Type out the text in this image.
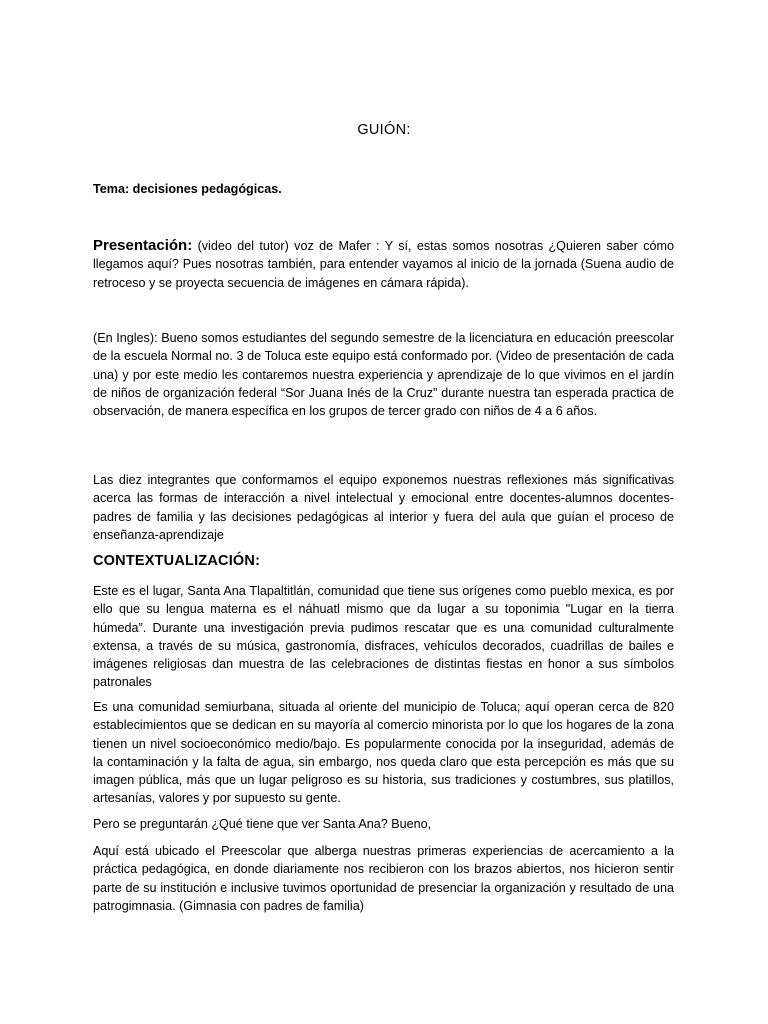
GUIÓN:
Tema: decisiones pedagógicas.
Presentación: (video del tutor) voz de Mafer : Y sí, estas somos nosotras ¿Quieren saber cómo llegamos aquí? Pues nosotras también, para entender vayamos al inicio de la jornada (Suena audio de retroceso y se proyecta secuencia de imágenes en cámara rápida).
(En Ingles): Bueno somos estudiantes del segundo semestre de la licenciatura en educación preescolar de la escuela Normal no. 3 de Toluca este equipo está conformado por. (Video de presentación de cada una) y por este medio les contaremos nuestra experiencia y aprendizaje de lo que vivimos en el jardín de niños de organización federal “Sor Juana Inés de la Cruz” durante nuestra tan esperada practica de observación, de manera específica en los grupos de tercer grado con niños de 4 a 6 años.
Las diez integrantes que conformamos el equipo exponemos nuestras reflexiones más significativas acerca las formas de interacción a nivel intelectual y emocional entre docentes-alumnos docentes-padres de familia y las decisiones pedagógicas al interior y fuera del aula que guían el proceso de enseñanza-aprendizaje
CONTEXTUALIZACIÓN:
Este es el lugar, Santa Ana Tlapaltitlán, comunidad que tiene sus orígenes como pueblo mexica, es por ello que su lengua materna es el náhuatl mismo que da lugar a su toponimia "Lugar en la tierra húmeda”. Durante una investigación previa pudimos rescatar que es una comunidad culturalmente extensa, a través de su música, gastronomía, disfraces, vehículos decorados, cuadrillas de bailes e imágenes religiosas dan muestra de las celebraciones de distintas fiestas en honor a sus símbolos patronales
Es una comunidad semiurbana, situada al oriente del municipio de Toluca; aquí operan cerca de 820 establecimientos que se dedican en su mayoría al comercio minorista por lo que los hogares de la zona tienen un nivel socioeconómico medio/bajo. Es popularmente conocida por la inseguridad, además de la contaminación y la falta de agua, sin embargo, nos queda claro que esta percepción es más que su imagen pública, más que un lugar peligroso es su historia, sus tradiciones y costumbres, sus platillos, artesanías, valores y por supuesto su gente.
Pero se preguntarán ¿Qué tiene que ver Santa Ana? Bueno,
Aquí está ubicado el Preescolar que alberga nuestras primeras experiencias de acercamiento a la práctica pedagógica, en donde diariamente nos recibieron con los brazos abiertos, nos hicieron sentir parte de su institución e inclusive tuvimos oportunidad de presenciar la organización y resultado de una patrogimnasia. (Gimnasia con padres de familia)
